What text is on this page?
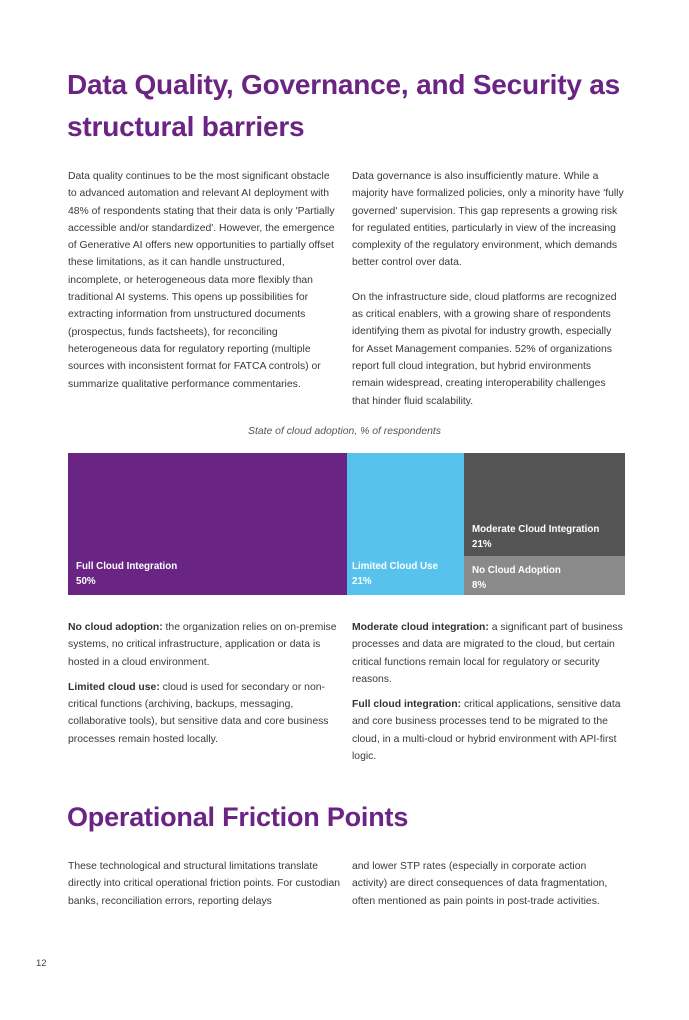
Data Quality, Governance, and Security as structural barriers

Data quality continues to be the most significant obstacle to advanced automation and relevant AI deployment with 48% of respondents stating that their data is only 'Partially accessible and/or standardized'. However, the emergence of Generative AI offers new opportunities to partially offset these limitations, as it can handle unstructured, incomplete, or heterogeneous data more flexibly than traditional AI systems. This opens up possibilities for extracting information from unstructured documents (prospectus, funds factsheets), for reconciling heterogeneous data for regulatory reporting (multiple sources with inconsistent format for FATCA controls) or summarize qualitative performance commentaries.

Data governance is also insufficiently mature. While a majority have formalized policies, only a minority have 'fully governed' supervision. This gap represents a growing risk for regulated entities, particularly in view of the increasing complexity of the regulatory environment, which demands better control over data.

On the infrastructure side, cloud platforms are recognized as critical enablers, with a growing share of respondents identifying them as pivotal for industry growth, especially for Asset Management companies. 52% of organizations report full cloud integration, but hybrid environments remain widespread, creating interoperability challenges that hinder fluid scalability.

State of cloud adoption, % of respondents
Full Cloud Integration
50%
Limited Cloud Use
21%
Moderate Cloud Integration
21%
No Cloud Adoption
8%

No cloud adoption: the organization relies on on-premise systems, no critical infrastructure, application or data is hosted in a cloud environment.

Limited cloud use: cloud is used for secondary or non-critical functions (archiving, backups, messaging, collaborative tools), but sensitive data and core business processes remain hosted locally.

Moderate cloud integration: a significant part of business processes and data are migrated to the cloud, but certain critical functions remain local for regulatory or security reasons.

Full cloud integration: critical applications, sensitive data and core business processes tend to be migrated to the cloud, in a multi-cloud or hybrid environment with API-first logic.

Operational Friction Points

These technological and structural limitations translate directly into critical operational friction points. For custodian banks, reconciliation errors, reporting delays

and lower STP rates (especially in corporate action activity) are direct consequences of data fragmentation, often mentioned as pain points in post-trade activities.

12
